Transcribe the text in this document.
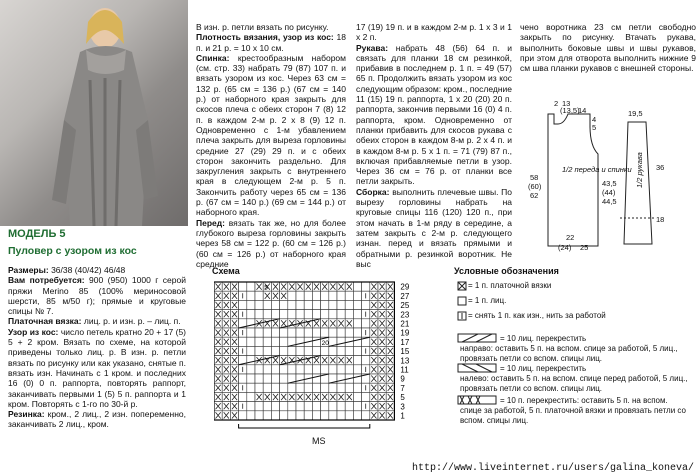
МОДЕЛЬ 5
Пуловер с узором из кос

Размеры: 36/38 (40/42) 46/48

Вам потребуется: 900 (950) 1000 г серой пряжи Merino 85 (100% мериносовой шерсти, 85 м/50 г); прямые и круговые спицы № 7.

Платочная вязка: лиц. р. и изн. р. – лиц. п.

Узор из кос: число петель кратно 20 + 17 (5) 5 + 2 кром. Вязать по схеме, на которой приведены только лиц. р. В изн. р. петли вязать по рисунку или как указано, снятые п. вязать изн. Начинать с 1 кром. и последних 16 (0) 0 п. раппорта, повторять раппорт, заканчивать первыми 1 (5) 5 п. раппорта и 1 кром. Повторять с 1-го по 30-й р.

Резинка: кром., 2 лиц., 2 изн. попеременно, заканчивать 2 лиц., кром.

В изн. р. петли вязать по рисунку.

Плотность вязания, узор из кос: 18 п. и 21 р. = 10 х 10 см.

Спинка: крестообразным набором (см. стр. 33) набрать 79 (87) 107 п. и вязать узором из кос. Через 63 см = 132 р. (65 см = 136 р.) (67 см = 140 р.) от наборного края закрыть для скосов плеча с обеих сторон 7 (8) 12 п. в каждом 2-м р. 2 х 8 (9) 12 п. Одновременно с 1-м убавлением плеча закрыть для выреза горловины средние 27 (29) 29 п. и с обеих сторон закончить раздельно. Для закругления закрыть с внутреннего края в следующем 2-м р. 5 п. Закончить работу через 65 см = 136 р. (67 см = 140 р.) (69 см = 144 р.) от наборного края.

Перед: вязать так же, но для более глубокого выреза горловины закрыть через 58 см = 122 р. (60 см = 126 р.) (60 см = 126 р.) от наборного края средние

17 (19) 19 п. и в каждом 2-м р. 1 х 3 и 1 х 2 п.

Рукава: набрать 48 (56) 64 п. и связать для планки 18 см резинкой, прибавив в последнем р. 1 п. = 49 (57) 65 п. Продолжить вязать узором из кос следующим образом: кром., последние 11 (15) 19 п. раппорта, 1 х 20 (20) 20 п. раппорта, закончив первыми 16 (0) 4 п. раппорта, кром. Одновременно от планки прибавить для скосов рукава с обеих сторон в каждом 8-м р. 2 х 4 п. и в каждом 8-м р. 5 х 1 п. = 71 (79) 87 п., включая прибавляемые петли в узор. Через 36 см = 76 р. от планки все петли закрыть.

Сборка: выполнить плечевые швы. По вырезу горловины набрать на круговые спицы 116 (120) 120 п., при этом начать в 1-м ряду в середине, а затем закрыть с 2-м р. следующего изнан. перед и вязать прямыми и обратными р. резинкой воротник. Не выс

чено воротника 23 см петли свободно закрыть по рисунку. Втачать рукава, выполнить боковые швы и швы рукавов, при этом для отворота выполнить нижние 9 см шва планки рукавов с внешней стороны.

2 13
(13,5)
14
4
5
58
(60)
62
43,5
(44)
44,5
22
(24) 25
19,5
36
18
1/2 переда и спинки 1/2 рукава
Схема
29
27
25
23
21
19
17
15
13
11
9
7
5
3
1
5
20
MS
Условные обозначения
= 1 п. платочной вязки
= 1 п. лиц.
= снять 1 п. как изн., нить за работой
= 10 лиц. перекрестить
направо: оставить 5 п. на вспом. спице за работой, 5 лиц., провязать петли со вспом. спицы лиц.
= 10 лиц. перекрестить
налево: оставить 5 п. на вспом. спице перед работой, 5 лиц., провязать петли со вспом. спицы лиц.
= 10 п. перекрестить: оставить 5 п. на вспом.
спице за работой, 5 п. платочной вязки и провязать петли со вспом. спицы лиц.
http://www.liveinternet.ru/users/galina_koneva/
